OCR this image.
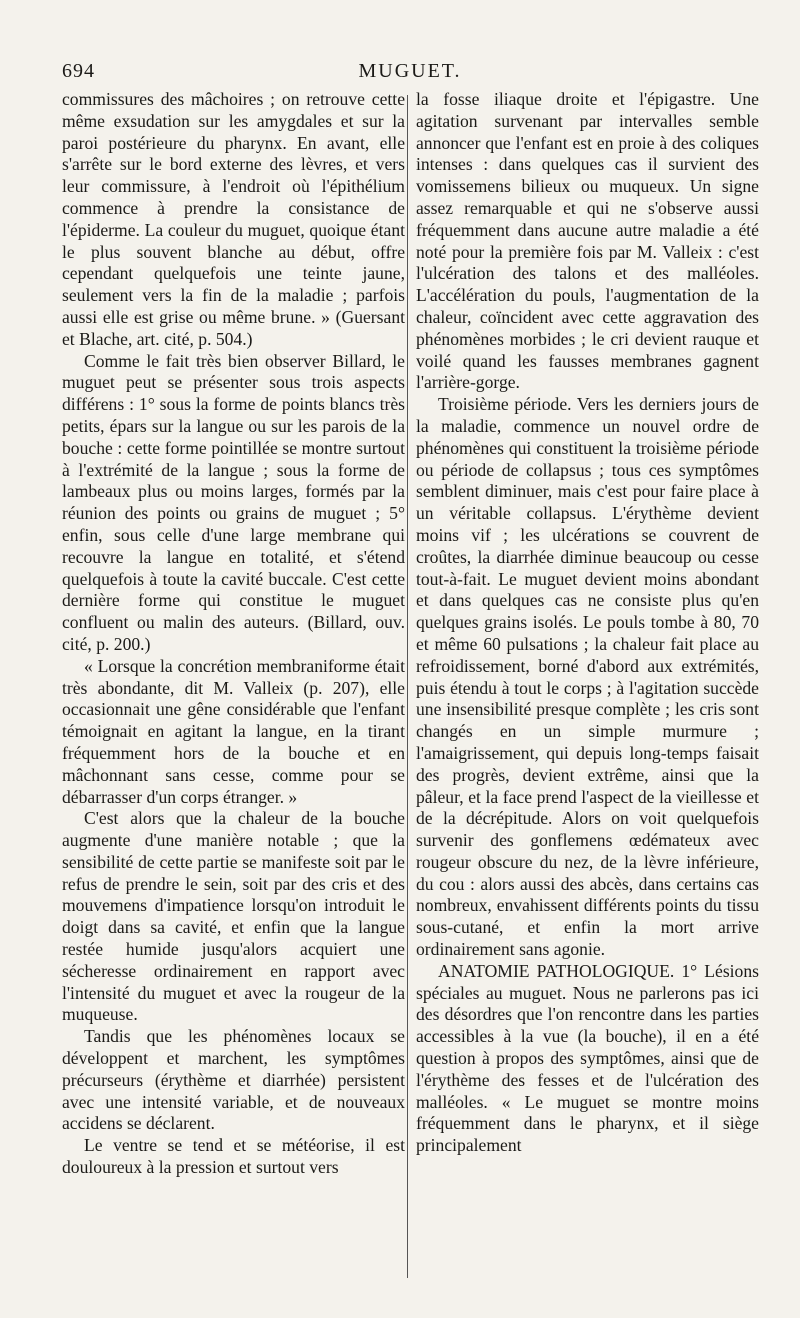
694	MUGUET.

commissures des mâchoires ; on retrouve cette même exsudation sur les amygdales et sur la paroi postérieure du pharynx. En avant, elle s'arrête sur le bord externe des lèvres, et vers leur commissure, à l'endroit où l'épithélium commence à prendre la consistance de l'épiderme. La couleur du muguet, quoique étant le plus souvent blanche au début, offre cependant quelquefois une teinte jaune, seulement vers la fin de la maladie ; parfois aussi elle est grise ou même brune. » (Guersant et Blache, art. cité, p. 504.)

Comme le fait très bien observer Billard, le muguet peut se présenter sous trois aspects différens : 1° sous la forme de points blancs très petits, épars sur la langue ou sur les parois de la bouche : cette forme pointillée se montre surtout à l'extrémité de la langue ; sous la forme de lambeaux plus ou moins larges, formés par la réunion des points ou grains de muguet ; 5° enfin, sous celle d'une large membrane qui recouvre la langue en totalité, et s'étend quelquefois à toute la cavité buccale. C'est cette dernière forme qui constitue le muguet confluent ou malin des auteurs. (Billard, ouv. cité, p. 200.)

« Lorsque la concrétion membraniforme était très abondante, dit M. Valleix (p. 207), elle occasionnait une gêne considérable que l'enfant témoignait en agitant la langue, en la tirant fréquemment hors de la bouche et en mâchonnant sans cesse, comme pour se débarrasser d'un corps étranger. »

C'est alors que la chaleur de la bouche augmente d'une manière notable ; que la sensibilité de cette partie se manifeste soit par le refus de prendre le sein, soit par des cris et des mouvemens d'impatience lorsqu'on introduit le doigt dans sa cavité, et enfin que la langue restée humide jusqu'alors acquiert une sécheresse ordinairement en rapport avec l'intensité du muguet et avec la rougeur de la muqueuse.

Tandis que les phénomènes locaux se développent et marchent, les symptômes précurseurs (érythème et diarrhée) persistent avec une intensité variable, et de nouveaux accidens se déclarent.

Le ventre se tend et se météorise, il est douloureux à la pression et surtout vers

la fosse iliaque droite et l'épigastre. Une agitation survenant par intervalles semble annoncer que l'enfant est en proie à des coliques intenses : dans quelques cas il survient des vomissemens bilieux ou muqueux. Un signe assez remarquable et qui ne s'observe aussi fréquemment dans aucune autre maladie a été noté pour la première fois par M. Valleix : c'est l'ulcération des talons et des malléoles. L'accélération du pouls, l'augmentation de la chaleur, coïncident avec cette aggravation des phénomènes morbides ; le cri devient rauque et voilé quand les fausses membranes gagnent l'arrière-gorge.

Troisième période. Vers les derniers jours de la maladie, commence un nouvel ordre de phénomènes qui constituent la troisième période ou période de collapsus ; tous ces symptômes semblent diminuer, mais c'est pour faire place à un véritable collapsus. L'érythème devient moins vif ; les ulcérations se couvrent de croûtes, la diarrhée diminue beaucoup ou cesse tout-à-fait. Le muguet devient moins abondant et dans quelques cas ne consiste plus qu'en quelques grains isolés. Le pouls tombe à 80, 70 et même 60 pulsations ; la chaleur fait place au refroidissement, borné d'abord aux extrémités, puis étendu à tout le corps ; à l'agitation succède une insensibilité presque complète ; les cris sont changés en un simple murmure ; l'amaigrissement, qui depuis long-temps faisait des progrès, devient extrême, ainsi que la pâleur, et la face prend l'aspect de la vieillesse et de la décrépitude. Alors on voit quelquefois survenir des gonflemens œdémateux avec rougeur obscure du nez, de la lèvre inférieure, du cou : alors aussi des abcès, dans certains cas nombreux, envahissent différents points du tissu sous-cutané, et enfin la mort arrive ordinairement sans agonie.

ANATOMIE PATHOLOGIQUE. 1° Lésions spéciales au muguet. Nous ne parlerons pas ici des désordres que l'on rencontre dans les parties accessibles à la vue (la bouche), il en a été question à propos des symptômes, ainsi que de l'érythème des fesses et de l'ulcération des malléoles. « Le muguet se montre moins fréquemment dans le pharynx, et il siège principalement
